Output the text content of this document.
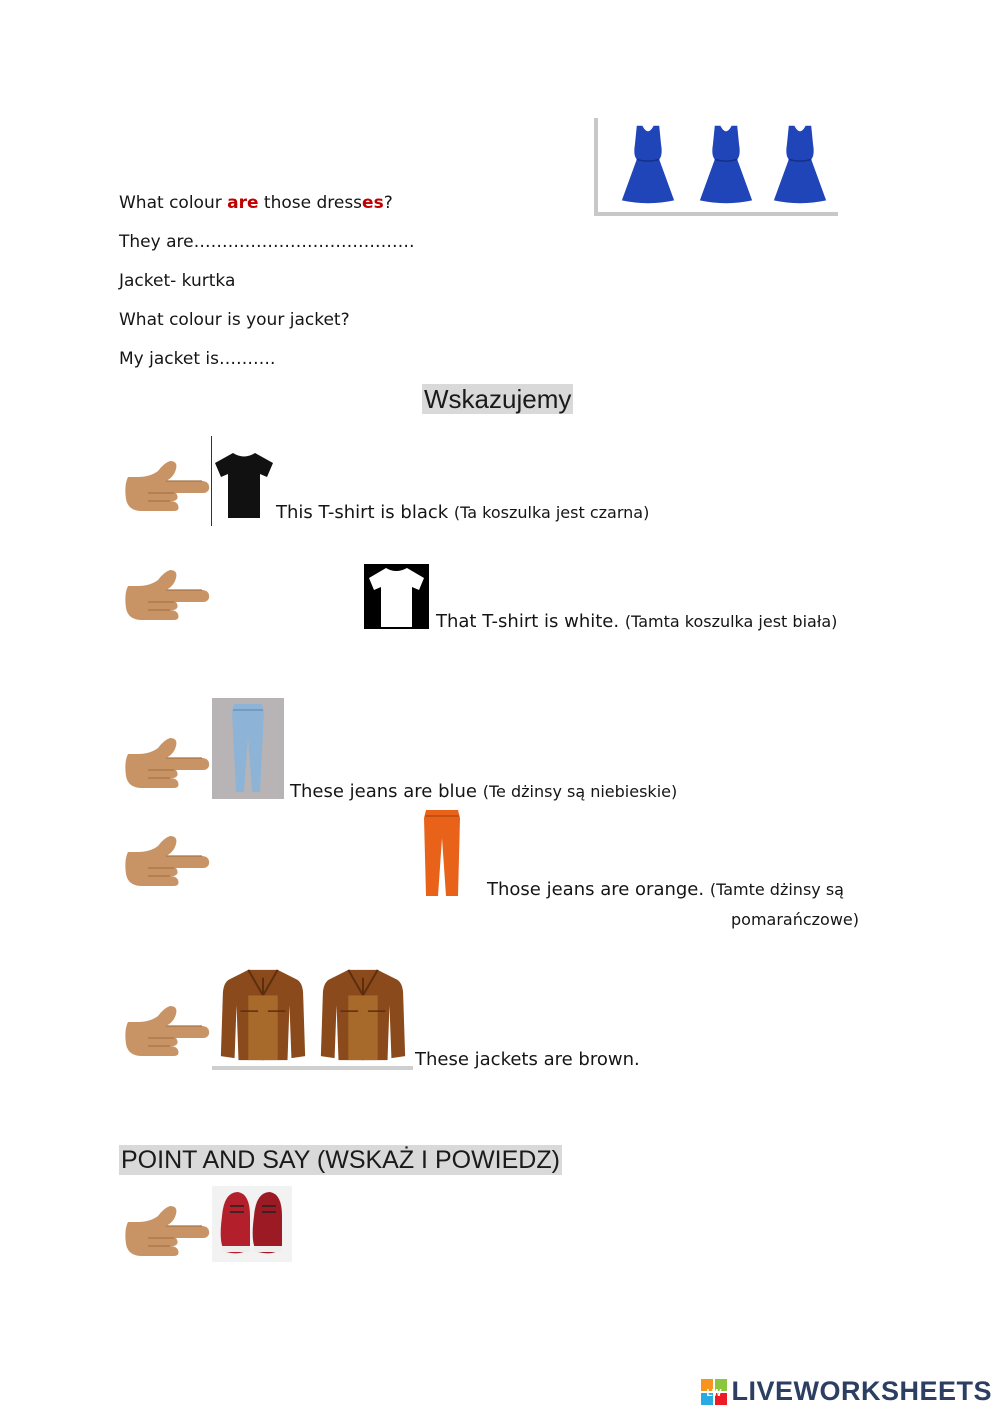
What colour are those dresses?
They are…………………………………
Jacket- kurtka
What colour is your jacket?
My jacket is……….
Wskazujemy
This T-shirt is black (Ta koszulka jest czarna)
That T-shirt is white. (Tamta koszulka jest biała)
These jeans are blue (Te dżinsy są niebieskie)
Those jeans are orange. (Tamte dżinsy są
pomarańczowe)
These jackets are brown.
POINT AND SAY (WSKAŻ I POWIEDZ)
LW LIVEWORKSHEETS
